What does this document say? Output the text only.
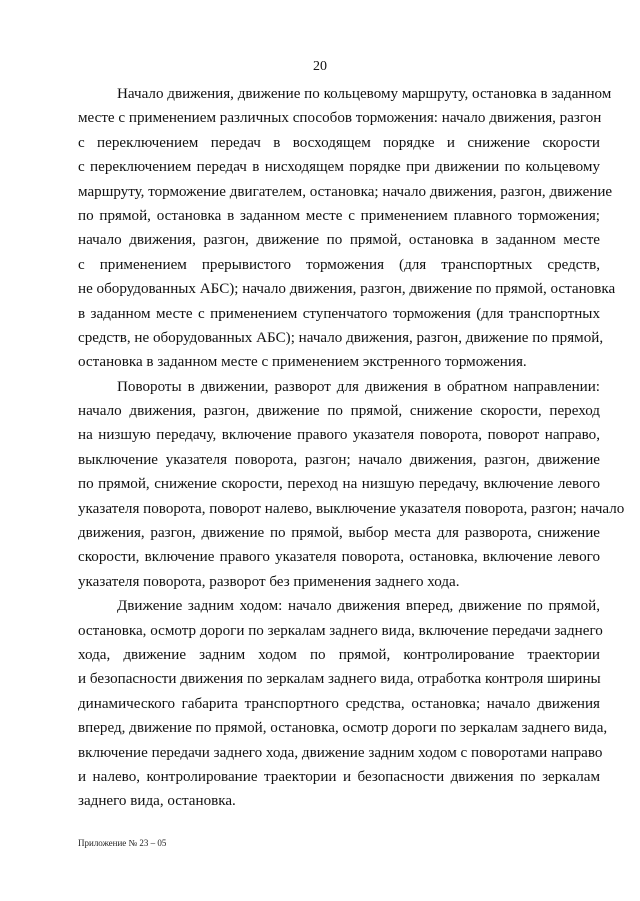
20
Начало движения, движение по кольцевому маршруту, остановка в заданном
месте с применением различных способов торможения: начало движения, разгон
с переключением передач в восходящем порядке и снижение скорости
с переключением передач в нисходящем порядке при движении по кольцевому
маршруту, торможение двигателем, остановка; начало движения, разгон, движение
по прямой, остановка в заданном месте с применением плавного торможения;
начало движения, разгон, движение по прямой, остановка в заданном месте
с применением прерывистого торможения (для транспортных средств,
не оборудованных АБС); начало движения, разгон, движение по прямой, остановка
в заданном месте с применением ступенчатого торможения (для транспортных
средств, не оборудованных АБС); начало движения, разгон, движение по прямой,
остановка в заданном месте с применением экстренного торможения.
Повороты в движении, разворот для движения в обратном направлении:
начало движения, разгон, движение по прямой, снижение скорости, переход
на низшую передачу, включение правого указателя поворота, поворот направо,
выключение указателя поворота, разгон; начало движения, разгон, движение
по прямой, снижение скорости, переход на низшую передачу, включение левого
указателя поворота, поворот налево, выключение указателя поворота, разгон; начало
движения, разгон, движение по прямой, выбор места для разворота, снижение
скорости, включение правого указателя поворота, остановка, включение левого
указателя поворота, разворот без применения заднего хода.
Движение задним ходом: начало движения вперед, движение по прямой,
остановка, осмотр дороги по зеркалам заднего вида, включение передачи заднего
хода, движение задним ходом по прямой, контролирование траектории
и безопасности движения по зеркалам заднего вида, отработка контроля ширины
динамического габарита транспортного средства, остановка; начало движения
вперед, движение по прямой, остановка, осмотр дороги по зеркалам заднего вида,
включение передачи заднего хода, движение задним ходом с поворотами направо
и налево, контролирование траектории и безопасности движения по зеркалам
заднего вида, остановка.
Приложение № 23 – 05
